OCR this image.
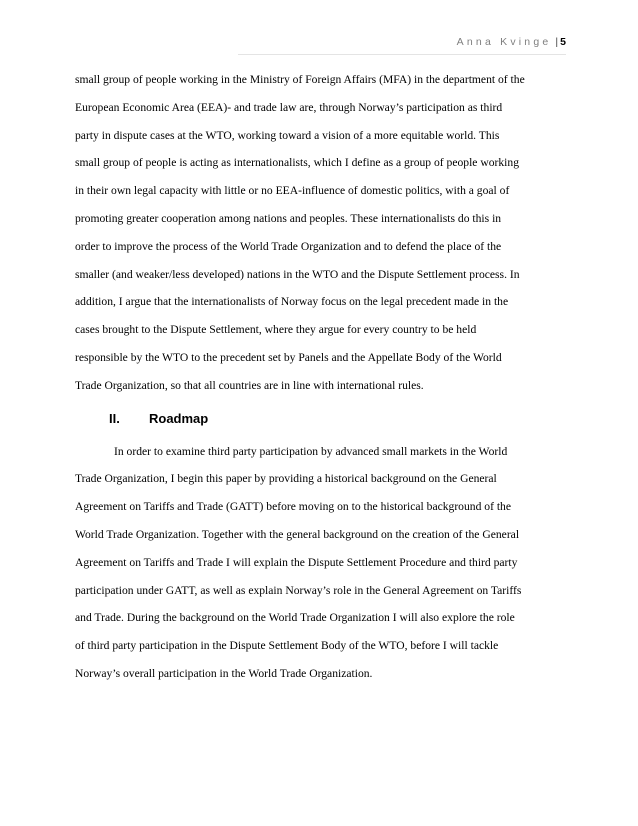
Anna Kvinge | 5
small group of people working in the Ministry of Foreign Affairs (MFA) in the department of the
European Economic Area (EEA)- and trade law are, through Norway’s participation as third
party in dispute cases at the WTO, working toward a vision of a more equitable world. This
small group of people is acting as internationalists, which I define as a group of people working
in their own legal capacity with little or no EEA-influence of domestic politics, with a goal of
promoting greater cooperation among nations and peoples. These internationalists do this in
order to improve the process of the World Trade Organization and to defend the place of the
smaller (and weaker/less developed) nations in the WTO and the Dispute Settlement process. In
addition, I argue that the internationalists of Norway focus on the legal precedent made in the
cases brought to the Dispute Settlement, where they argue for every country to be held
responsible by the WTO to the precedent set by Panels and the Appellate Body of the World
Trade Organization, so that all countries are in line with international rules.
II.	Roadmap
In order to examine third party participation by advanced small markets in the World
Trade Organization, I begin this paper by providing a historical background on the General
Agreement on Tariffs and Trade (GATT) before moving on to the historical background of the
World Trade Organization. Together with the general background on the creation of the General
Agreement on Tariffs and Trade I will explain the Dispute Settlement Procedure and third party
participation under GATT, as well as explain Norway’s role in the General Agreement on Tariffs
and Trade. During the background on the World Trade Organization I will also explore the role
of third party participation in the Dispute Settlement Body of the WTO, before I will tackle
Norway’s overall participation in the World Trade Organization.
